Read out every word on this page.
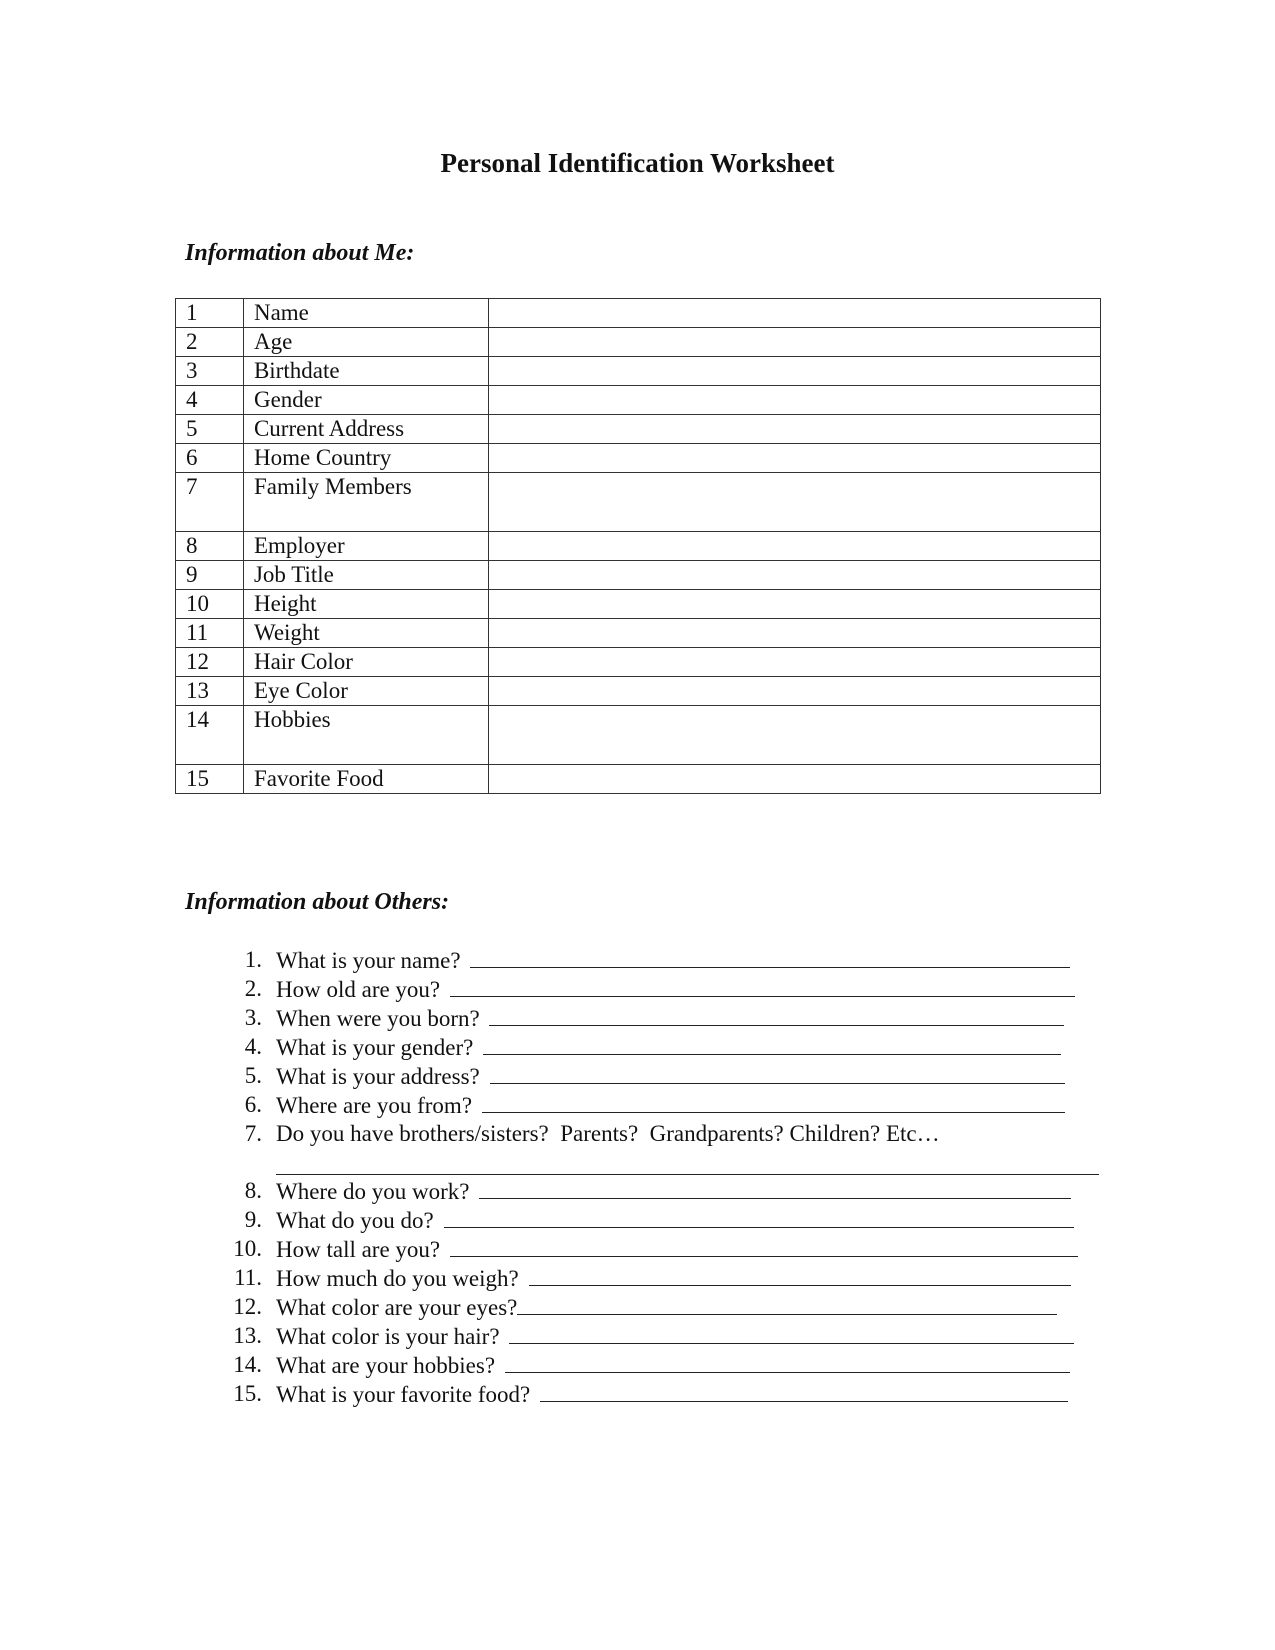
Personal Identification Worksheet
Information about Me:
1	Name	
2	Age	
3	Birthdate	
4	Gender	
5	Current Address	
6	Home Country	
7	Family Members	
8	Employer	
9	Job Title	
10	Height	
11	Weight	
12	Hair Color	
13	Eye Color	
14	Hobbies	
15	Favorite Food	
Information about Others:
1. What is your name?
2. How old are you?
3. When were you born?
4. What is your gender?
5. What is your address?
6. Where are you from?
7. Do you have brothers/sisters?  Parents?  Grandparents? Children? Etc…
8. Where do you work?
9. What do you do?
10. How tall are you?
11. How much do you weigh?
12. What color are your eyes?
13. What color is your hair?
14. What are your hobbies?
15. What is your favorite food?
